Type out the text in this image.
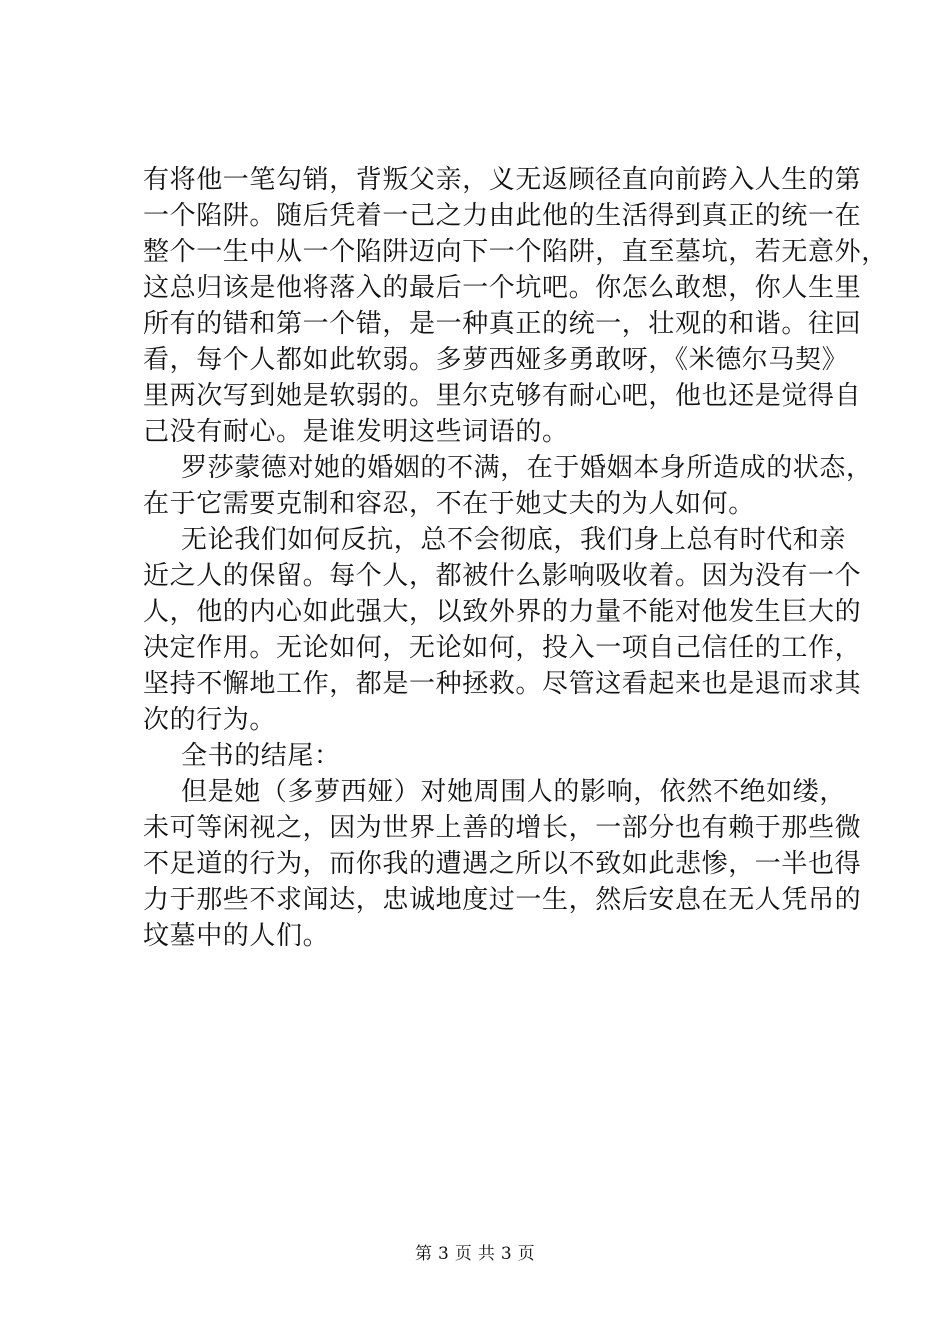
有将他一笔勾销，背叛父亲，义无返顾径直向前跨入人生的第
一个陷阱。随后凭着一己之力由此他的生活得到真正的统一在
整个一生中从一个陷阱迈向下一个陷阱，直至墓坑，若无意外，
这总归该是他将落入的最后一个坑吧。你怎么敢想，你人生里
所有的错和第一个错，是一种真正的统一，壮观的和谐。往回
看，每个人都如此软弱。多萝西娅多勇敢呀，《米德尔马契》
里两次写到她是软弱的。里尔克够有耐心吧，他也还是觉得自
己没有耐心。是谁发明这些词语的。

罗莎蒙德对她的婚姻的不满，在于婚姻本身所造成的状态，
在于它需要克制和容忍，不在于她丈夫的为人如何。

无论我们如何反抗，总不会彻底，我们身上总有时代和亲
近之人的保留。每个人，都被什么影响吸收着。因为没有一个
人，他的内心如此强大，以致外界的力量不能对他发生巨大的
决定作用。无论如何，无论如何，投入一项自己信任的工作，
坚持不懈地工作，都是一种拯救。尽管这看起来也是退而求其
次的行为。

全书的结尾：

但是她（多萝西娅）对她周围人的影响，依然不绝如缕，
未可等闲视之，因为世界上善的增长，一部分也有赖于那些微
不足道的行为，而你我的遭遇之所以不致如此悲惨，一半也得
力于那些不求闻达，忠诚地度过一生，然后安息在无人凭吊的
坟墓中的人们。

第 3 页 共 3 页
